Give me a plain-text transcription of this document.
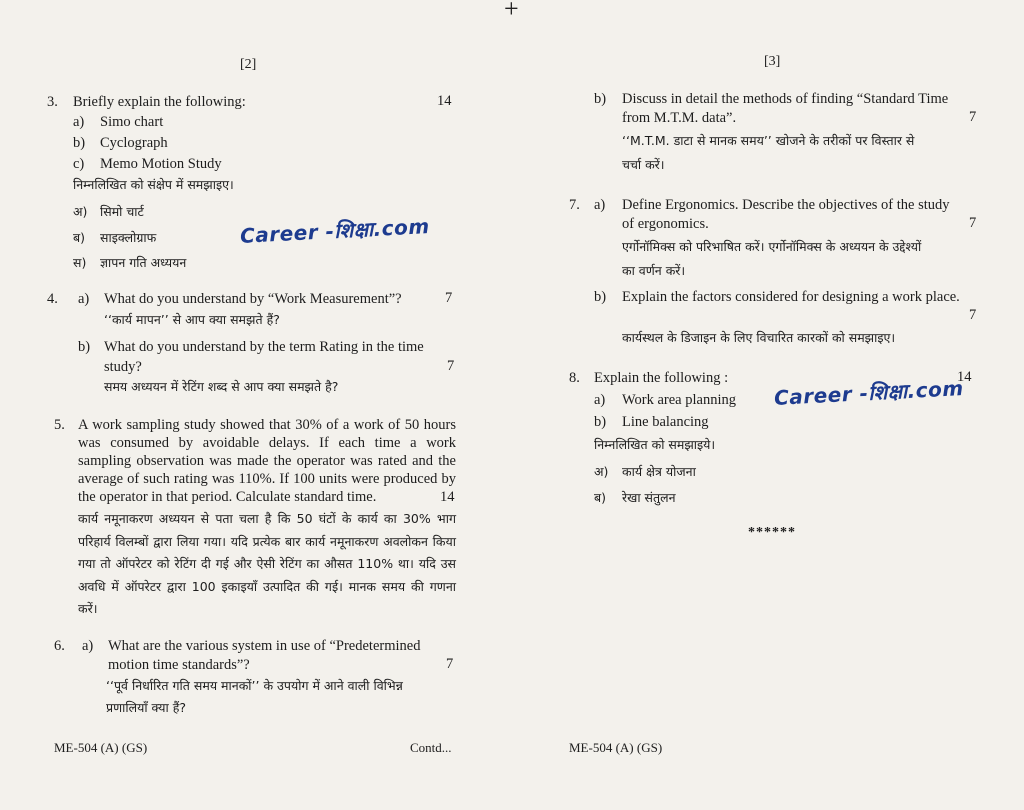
+
[2]
3. Briefly explain the following:	14
a) Simo chart
b) Cyclograph
c) Memo Motion Study
निम्नलिखित को संक्षेप में समझाइए।
अ) सिमो चार्ट
ब) साइक्लोग्राफ
स) ज्ञापन गति अध्ययन
Career -शिक्षा.com
4. a) What do you understand by “Work Measurement”?	7
‘‘कार्य मापन’’ से आप क्या समझते हैं?
b) What do you understand by the term Rating in the time
study?	7
समय अध्ययन में रेटिंग शब्द से आप क्या समझते है?
5. A work sampling study showed that 30% of a work of 50 hours was consumed by avoidable delays. If each time a work sampling observation was made the operator was rated and the average of such rating was 110%. If 100 units were produced by the operator in that period. Calculate standard time.	14
कार्य नमूनाकरण अध्ययन से पता चला है कि 50 घंटों के कार्य का 30% भाग परिहार्य विलम्बों द्वारा लिया गया। यदि प्रत्येक बार कार्य नमूनाकरण अवलोकन किया गया तो ऑपरेटर को रेटिंग दी गई और ऐसी रेटिंग का औसत 110% था। यदि उस अवधि में ऑपरेटर द्वारा 100 इकाइयाँ उत्पादित की गई। मानक समय की गणना करें।
6. a) What are the various system in use of “Predetermined
motion time standards”?	7
‘‘पूर्व निर्धारित गति समय मानकों’’ के उपयोग में आने वाली विभिन्न
प्रणालियाँ क्या हैं?
ME-504 (A) (GS)	Contd...
[3]
b) Discuss in detail the methods of finding “Standard Time
from M.T.M. data”.	7
‘‘M.T.M. डाटा से मानक समय’’ खोजने के तरीकों पर विस्तार से
चर्चा करें।
7. a) Define Ergonomics. Describe the objectives of the study
of ergonomics.	7
एर्गोनॉमिक्स को परिभाषित करें। एर्गोनॉमिक्स के अध्ययन के उद्देश्यों
का वर्णन करें।
b) Explain the factors considered for designing a work place.
7
कार्यस्थल के डिजाइन के लिए विचारित कारकों को समझाइए।
8. Explain the following :	14
a) Work area planning
b) Line balancing
निम्नलिखित को समझाइये।
अ) कार्य क्षेत्र योजना
ब) रेखा संतुलन
Career -शिक्षा.com
******
ME-504 (A) (GS)
